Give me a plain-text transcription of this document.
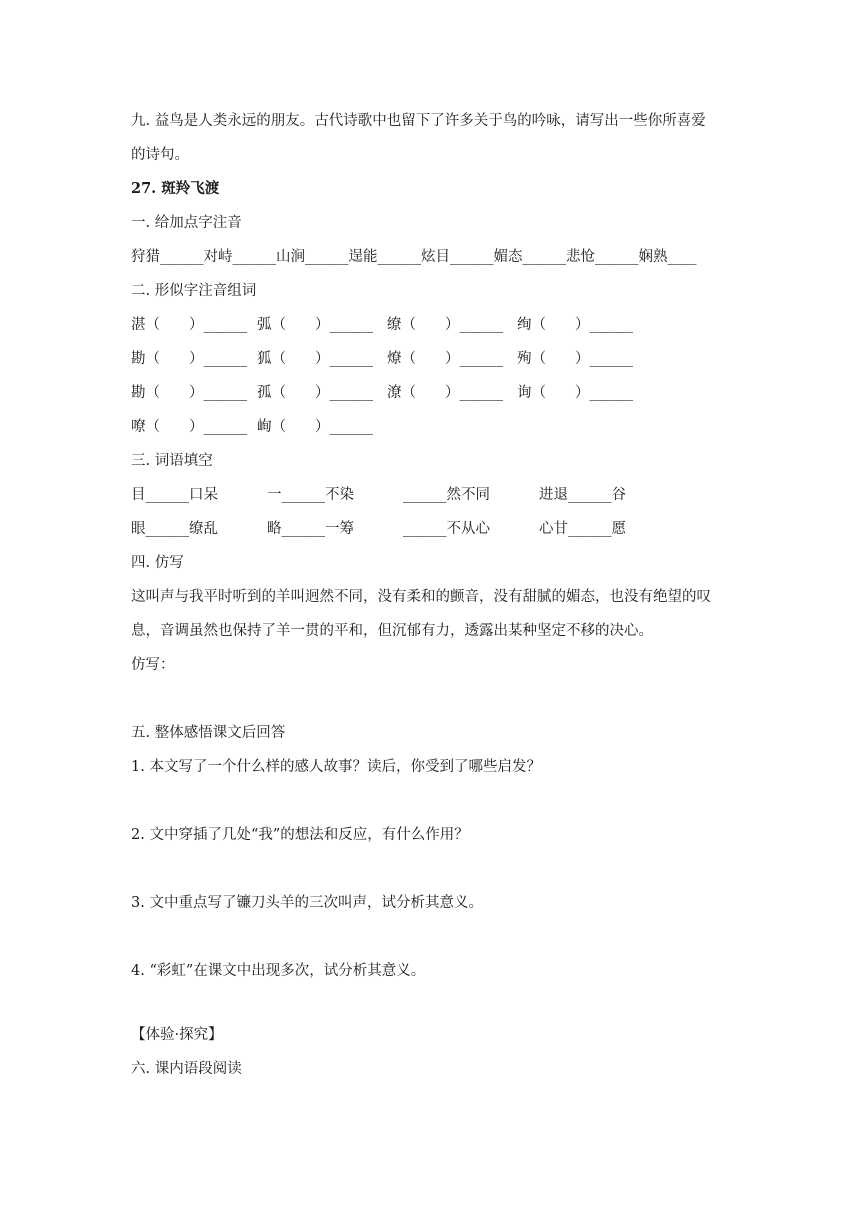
九. 益鸟是人类永远的朋友。古代诗歌中也留下了许多关于鸟的吟咏，请写出一些你所喜爱
的诗句。
27. 斑羚飞渡
一. 给加点字注音
狩猎______对峙______山涧______逞能______炫目______媚态______悲怆______娴熟____
二. 形似字注音组词
湛（　　）______ 弧（　　）______ 缭（　　）______ 绚（　　）______
勘（　　）______ 狐（　　）______ 燎（　　）______ 殉（　　）______
勘（　　）______ 孤（　　）______ 潦（　　）______ 询（　　）______
嘹（　　）______ 峋（　　）______
三. 词语填空
目______口呆	一______不染	______然不同	进退______谷
眼______缭乱	略______一筹	______不从心	心甘______愿
四. 仿写
这叫声与我平时听到的羊叫迥然不同，没有柔和的颤音，没有甜腻的媚态，也没有绝望的叹
息，音调虽然也保持了羊一贯的平和，但沉郁有力，透露出某种坚定不移的决心。
仿写：
五. 整体感悟课文后回答
1. 本文写了一个什么样的感人故事？读后，你受到了哪些启发？
2. 文中穿插了几处“我”的想法和反应，有什么作用？
3. 文中重点写了镰刀头羊的三次叫声，试分析其意义。
4. “彩虹”在课文中出现多次，试分析其意义。
【体验·探究】
六. 课内语段阅读
